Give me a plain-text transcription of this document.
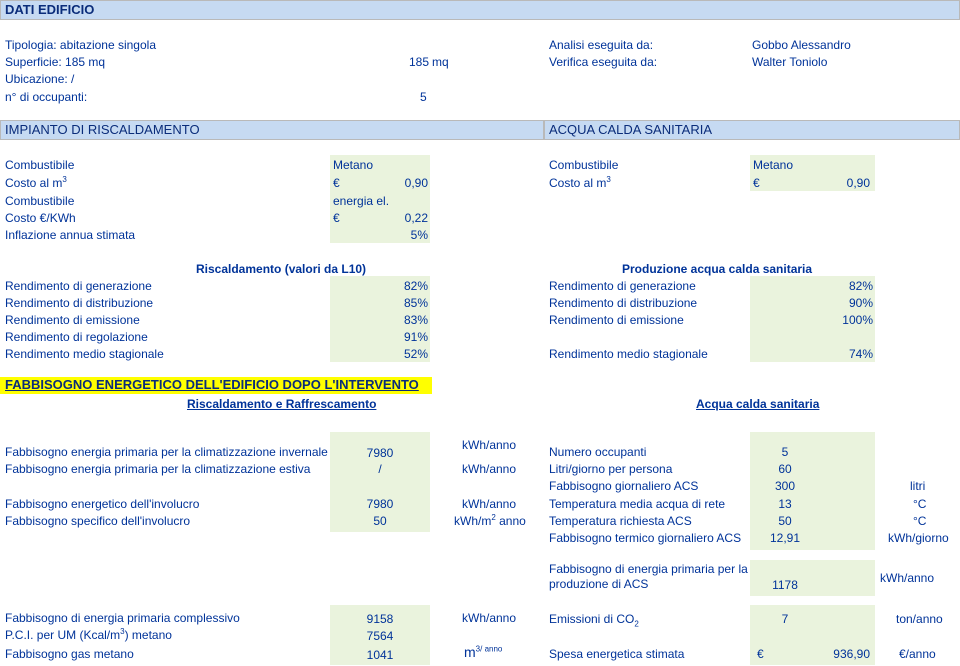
DATI EDIFICIO
Tipologia: abitazione singola
Superficie: 185 mq	185 mq
Ubicazione: /
n° di occupanti:	5
Analisi eseguita da:	Gobbo Alessandro
Verifica eseguita da:	Walter Toniolo
IMPIANTO DI RISCALDAMENTO	ACQUA CALDA SANITARIA
Combustibile	Metano
Costo al $m^3$	€	0,90
Combustibile	energia el.
Costo €/KWh	€	0,22
Inflazione annua stimata	5%
Combustibile	Metano
Costo al $m^3$	€	0,90
Riscaldamento (valori da L10)	Produzione acqua calda sanitaria
Rendimento di generazione	82%
Rendimento di distribuzione	85%
Rendimento di emissione	83%
Rendimento di regolazione	91%
Rendimento medio stagionale	52%
Rendimento di generazione	82%
Rendimento di distribuzione	90%
Rendimento di emissione	100%
Rendimento medio stagionale	74%
FABBISOGNO ENERGETICO DELL'EDIFICIO DOPO L'INTERVENTO
Riscaldamento e Raffrescamento	Acqua calda sanitaria
Fabbisogno energia primaria per la climatizzazione invernale	7980
kWh/anno
Fabbisogno energia primaria per la climatizzazione estiva	/	kWh/anno
Fabbisogno energetico dell'involucro	7980	kWh/anno
Fabbisogno specifico dell'involucro	50	kWh/$m^2$ anno
Numero occupanti	5
Litri/giorno per persona	60
Fabbisogno giornaliero ACS	300	litri
Temperatura media acqua di rete	13	°C
Temperatura richiesta ACS	50	°C
Fabbisogno termico giornaliero ACS	12,91	kWh/giorno
Fabbisogno di energia primaria per la
produzione di ACS	1178	kWh/anno
Fabbisogno di energia primaria complessivo	9158	kWh/anno
P.C.I. per UM $(Kcal/m^3)$ metano	7564
Fabbisogno gas metano	1041	$m^{3/ anno}$
Emissioni di $CO_2$	7	ton/anno
Spesa energetica stimata	€	936,90 €/anno
